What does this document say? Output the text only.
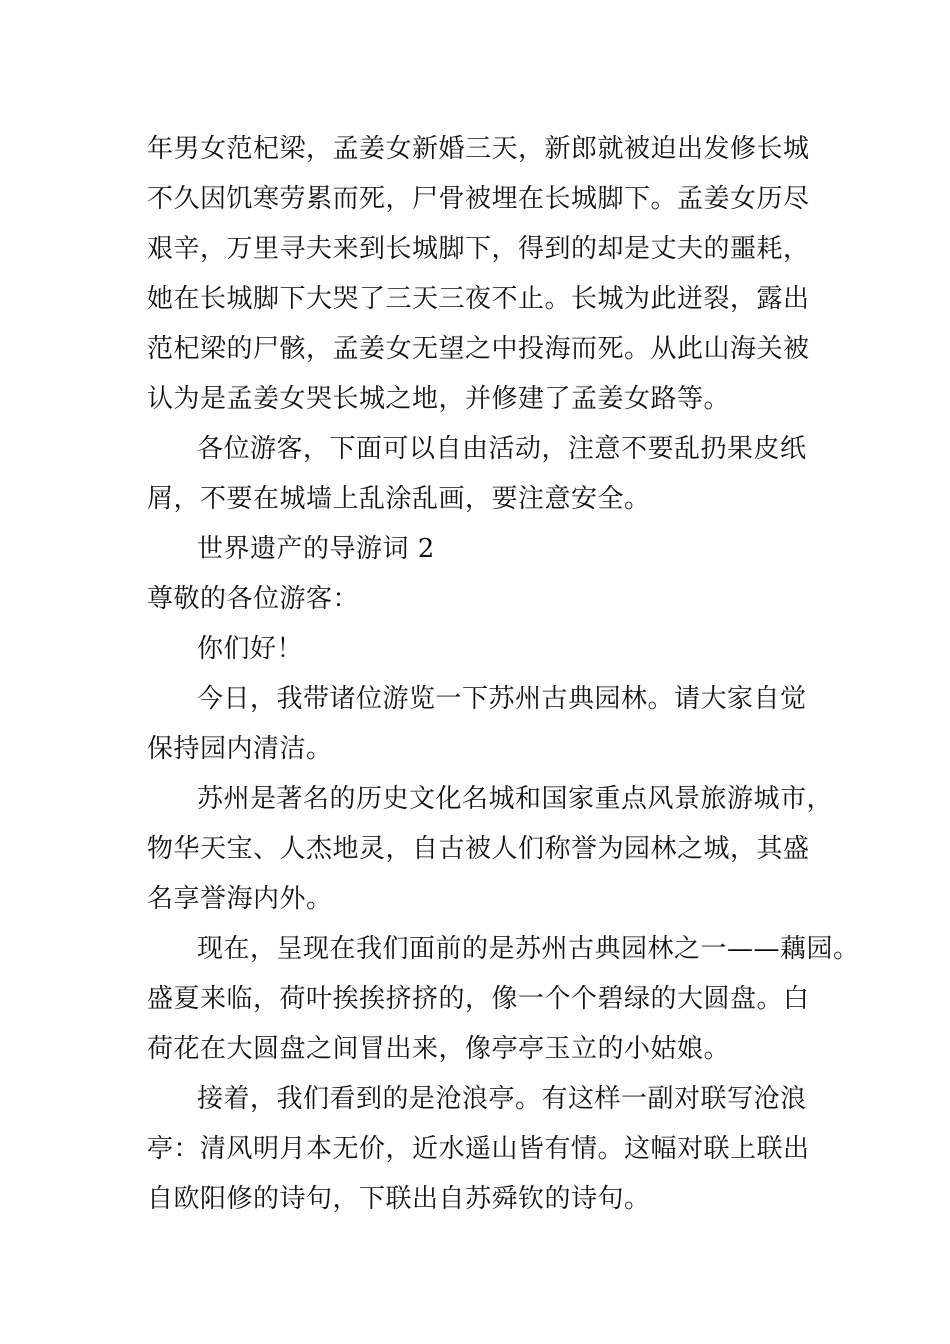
年男女范杞梁，孟姜女新婚三天，新郎就被迫出发修长城
不久因饥寒劳累而死，尸骨被埋在长城脚下。孟姜女历尽
艰辛，万里寻夫来到长城脚下，得到的却是丈夫的噩耗，
她在长城脚下大哭了三天三夜不止。长城为此迸裂，露出
范杞梁的尸骸，孟姜女无望之中投海而死。从此山海关被
认为是孟姜女哭长城之地，并修建了孟姜女路等。
各位游客，下面可以自由活动，注意不要乱扔果皮纸
屑，不要在城墙上乱涂乱画，要注意安全。
世界遗产的导游词 2
尊敬的各位游客：
你们好！
今日，我带诸位游览一下苏州古典园林。请大家自觉
保持园内清洁。
苏州是著名的历史文化名城和国家重点风景旅游城市，
物华天宝、人杰地灵，自古被人们称誉为园林之城，其盛
名享誉海内外。
现在，呈现在我们面前的是苏州古典园林之一——藕园。
盛夏来临，荷叶挨挨挤挤的，像一个个碧绿的大圆盘。白
荷花在大圆盘之间冒出来，像亭亭玉立的小姑娘。
接着，我们看到的是沧浪亭。有这样一副对联写沧浪
亭：清风明月本无价，近水遥山皆有情。这幅对联上联出
自欧阳修的诗句，下联出自苏舜钦的诗句。
